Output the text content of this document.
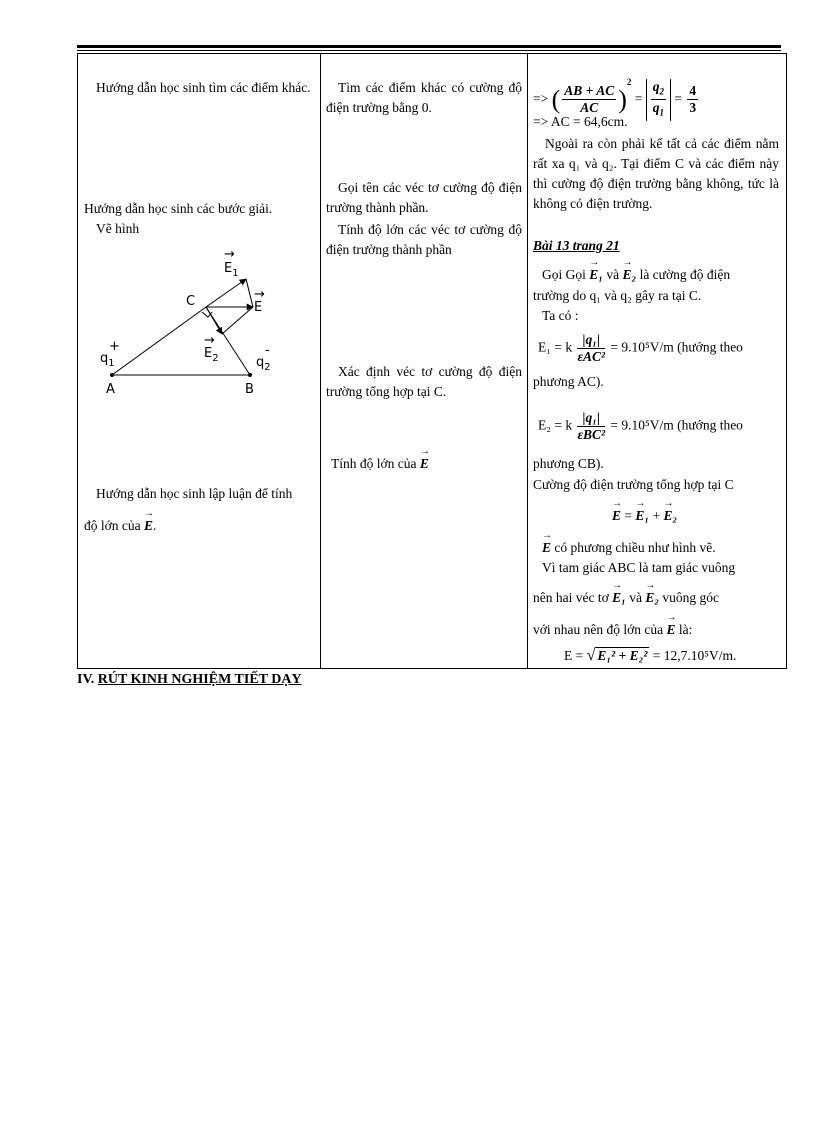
Hướng dẫn học sinh tìm các điểm khác.
Hướng dẫn học sinh các bước giải.
Vẽ hình
$E_1$
→
C	E
→
$q_1$
+	$E_2$
→
$q_2$
-
A	B
Hướng dẫn học sinh lập luận để tính
độ lớn của → E.

Tìm các điểm khác có cường độ điện trường bằng 0.
Gọi tên các véc tơ cường độ điện trường thành phần.
Tính độ lớn các véc tơ cường độ điện trường thành phần
Xác định véc tơ cường độ điện trường tổng hợp tại C.
Tính độ lớn của → E

=> ( $\frac{AB + AC}{AC} )^2 = \frac{q_2}{q_1} = \frac{4}{3}$
=> AC = 64,6cm.
Ngoài ra còn phải kể tất cả các điểm nằm rất xa q₁ và q₂. Tại điểm C và các điểm này thì cường độ điện trường bằng không, tức là không có điện trường.
Bài 13 trang 21
Gọi Gọi → E₁ và → E₂ là cường độ điện
trường do q₁ và q₂ gây ra tại C.
Ta có :
E₁ = k $\frac{\text{|q₁|}}{\text{εAC²}} = 9.10^5V/m$ (hướng theo
phương AC).
E₂ = k $\frac{\text{|q₁|}}{\text{εBC²}} = 9.10^5V/m$ (hướng theo
phương CB).
Cường độ điện trường tổng hợp tại C
→ E = → E₁ + → E₂
→ E có phương chiều như hình vẽ.
Vì tam giác ABC là tam giác vuông
nên hai véc tơ → E₁ và → E₂ vuông góc
với nhau nên độ lớn của → E là:
E = √ E₁² + E₂² = 12,7.10⁵V/m.
IV. RÚT KINH NGHIỆM TIẾT DẠY
